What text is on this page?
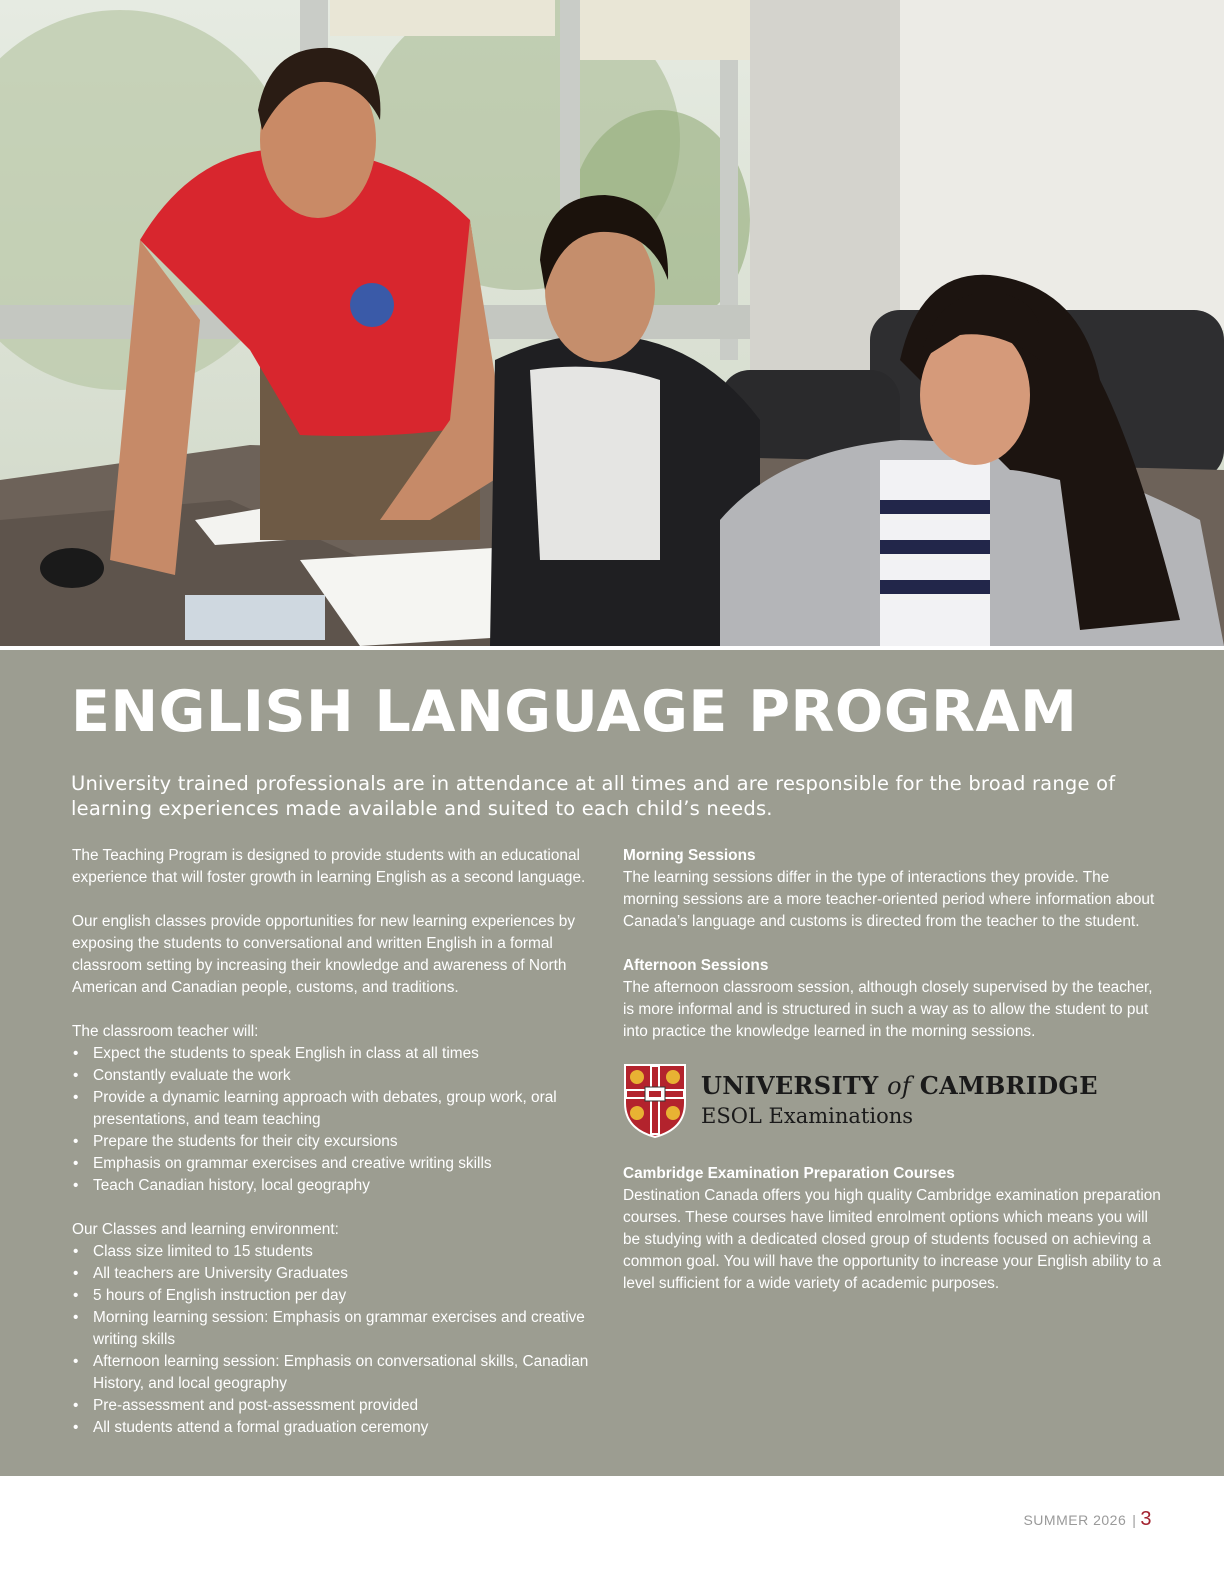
ENGLISH LANGUAGE PROGRAM

University trained professionals are in attendance at all times and are responsible for the broad range of learning experiences made available and suited to each child’s needs.

The Teaching Program is designed to provide students with an educational experience that will foster growth in learning English as a second language.

Our english classes provide opportunities for new learning experiences by exposing the students to conversational and written English in a formal classroom setting by increasing their knowledge and awareness of North American and Canadian people, customs, and traditions.

The classroom teacher will:

• Expect the students to speak English in class at all times
• Constantly evaluate the work
• Provide a dynamic learning approach with debates, group work, oral presentations, and team teaching
• Prepare the students for their city excursions
• Emphasis on grammar exercises and creative writing skills
• Teach Canadian history, local geography

Our Classes and learning environment:

• Class size limited to 15 students
• All teachers are University Graduates
• 5 hours of English instruction per day
• Morning learning session: Emphasis on grammar exercises and creative writing skills
• Afternoon learning session: Emphasis on conversational skills, Canadian History, and local geography
• Pre-assessment and post-assessment provided
• All students attend a formal graduation ceremony
Morning Sessions

The learning sessions differ in the type of interactions they provide. The morning sessions are a more teacher-oriented period where information about Canada’s language and customs is directed from the teacher to the student.

Afternoon Sessions

The afternoon classroom session, although closely supervised by the teacher, is more informal and is structured in such a way as to allow the student to put into practice the knowledge learned in the morning sessions.

UNIVERSITY of CAMBRIDGE
ESOL Examinations
Cambridge Examination Preparation Courses

Destination Canada offers you high quality Cambridge examination preparation courses. These courses have limited enrolment options which means you will be studying with a dedicated closed group of students focused on achieving a common goal. You will have the opportunity to increase your English ability to a level sufficient for a wide variety of academic purposes.

SUMMER 2026 | 3
